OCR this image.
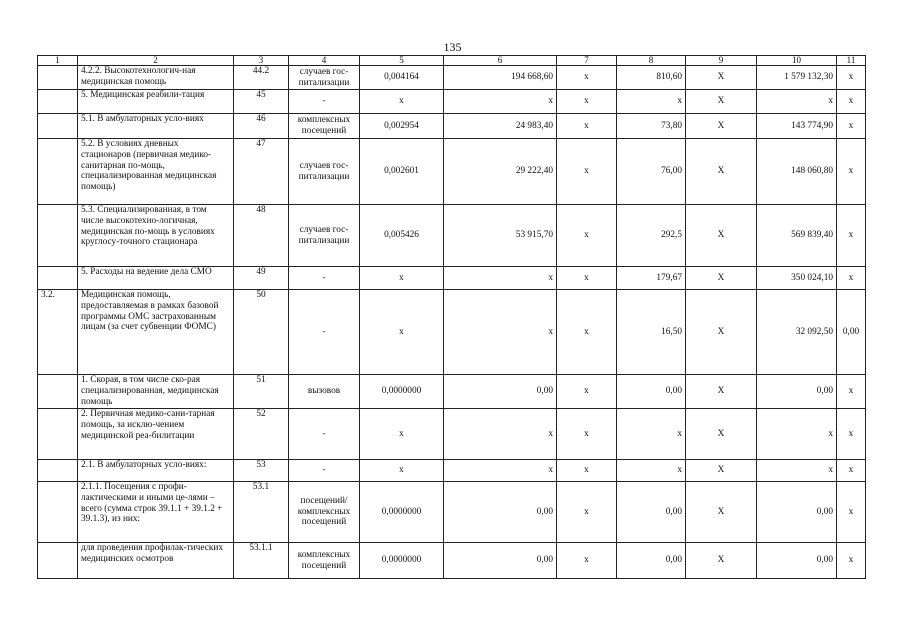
135
1	2	3	4	5	6	7	8	9	10	11
	4.2.2. Высокотехнологич-ная медицинская помощь	44.2	случаев гос-питализации	0,004164	194 668,60	x	810,60	X	1 579 132,30	x
	5. Медицинская реабили-тация	45	-	x	x	x	x	X	x	x
	5.1. В амбулаторных усло-виях	46	комплексных посещений	0,002954	24 983,40	x	73,80	X	143 774,90	x
	5.2. В условиях дневных стационаров (первичная медико-санитарная по-мощь, специализированная медицинская помощь)	47	случаев гос-питализации	0,002601	29 222,40	x	76,00	X	148 060,80	x
	5.3. Специализированная, в том числе высокотехно-логичная, медицинская по-мощь в условиях круглосу-точного стационара	48	случаев гос-питализации	0,005426	53 915,70	x	292,5	X	569 839,40	x
	5. Расходы на ведение дела СМО	49	-	x	x	x	179,67	X	350 024,10	x
3.2.	Медицинская помощь, предоставляемая в рамках базовой программы ОМС застрахованным лицам (за счет субвенции ФОМС)	50	-	x	x	x	16,50	X	32 092,50	0,00
	1. Скорая, в том числе ско-рая специализированная, медицинская помощь	51	вызовов	0,0000000	0,00	x	0,00	X	0,00	x
	2. Первичная медико-сани-тарная помощь, за исклю-чением медицинской реа-билитации	52	-	x	x	x	x	X	x	x
	2.1. В амбулаторных усло-виях:	53	-	x	x	x	x	X	x	x
	2.1.1. Посещения с профи-лактическими и иными це-лями – всего (сумма строк 39.1.1 + 39.1.2 + 39.1.3), из них:	53.1	посещений/ комплексных посещений	0,0000000	0,00	x	0,00	X	0,00	x
	для проведения профилак-тических медицинских осмотров	53.1.1	комплексных посещений	0,0000000	0,00	x	0,00	X	0,00	x
